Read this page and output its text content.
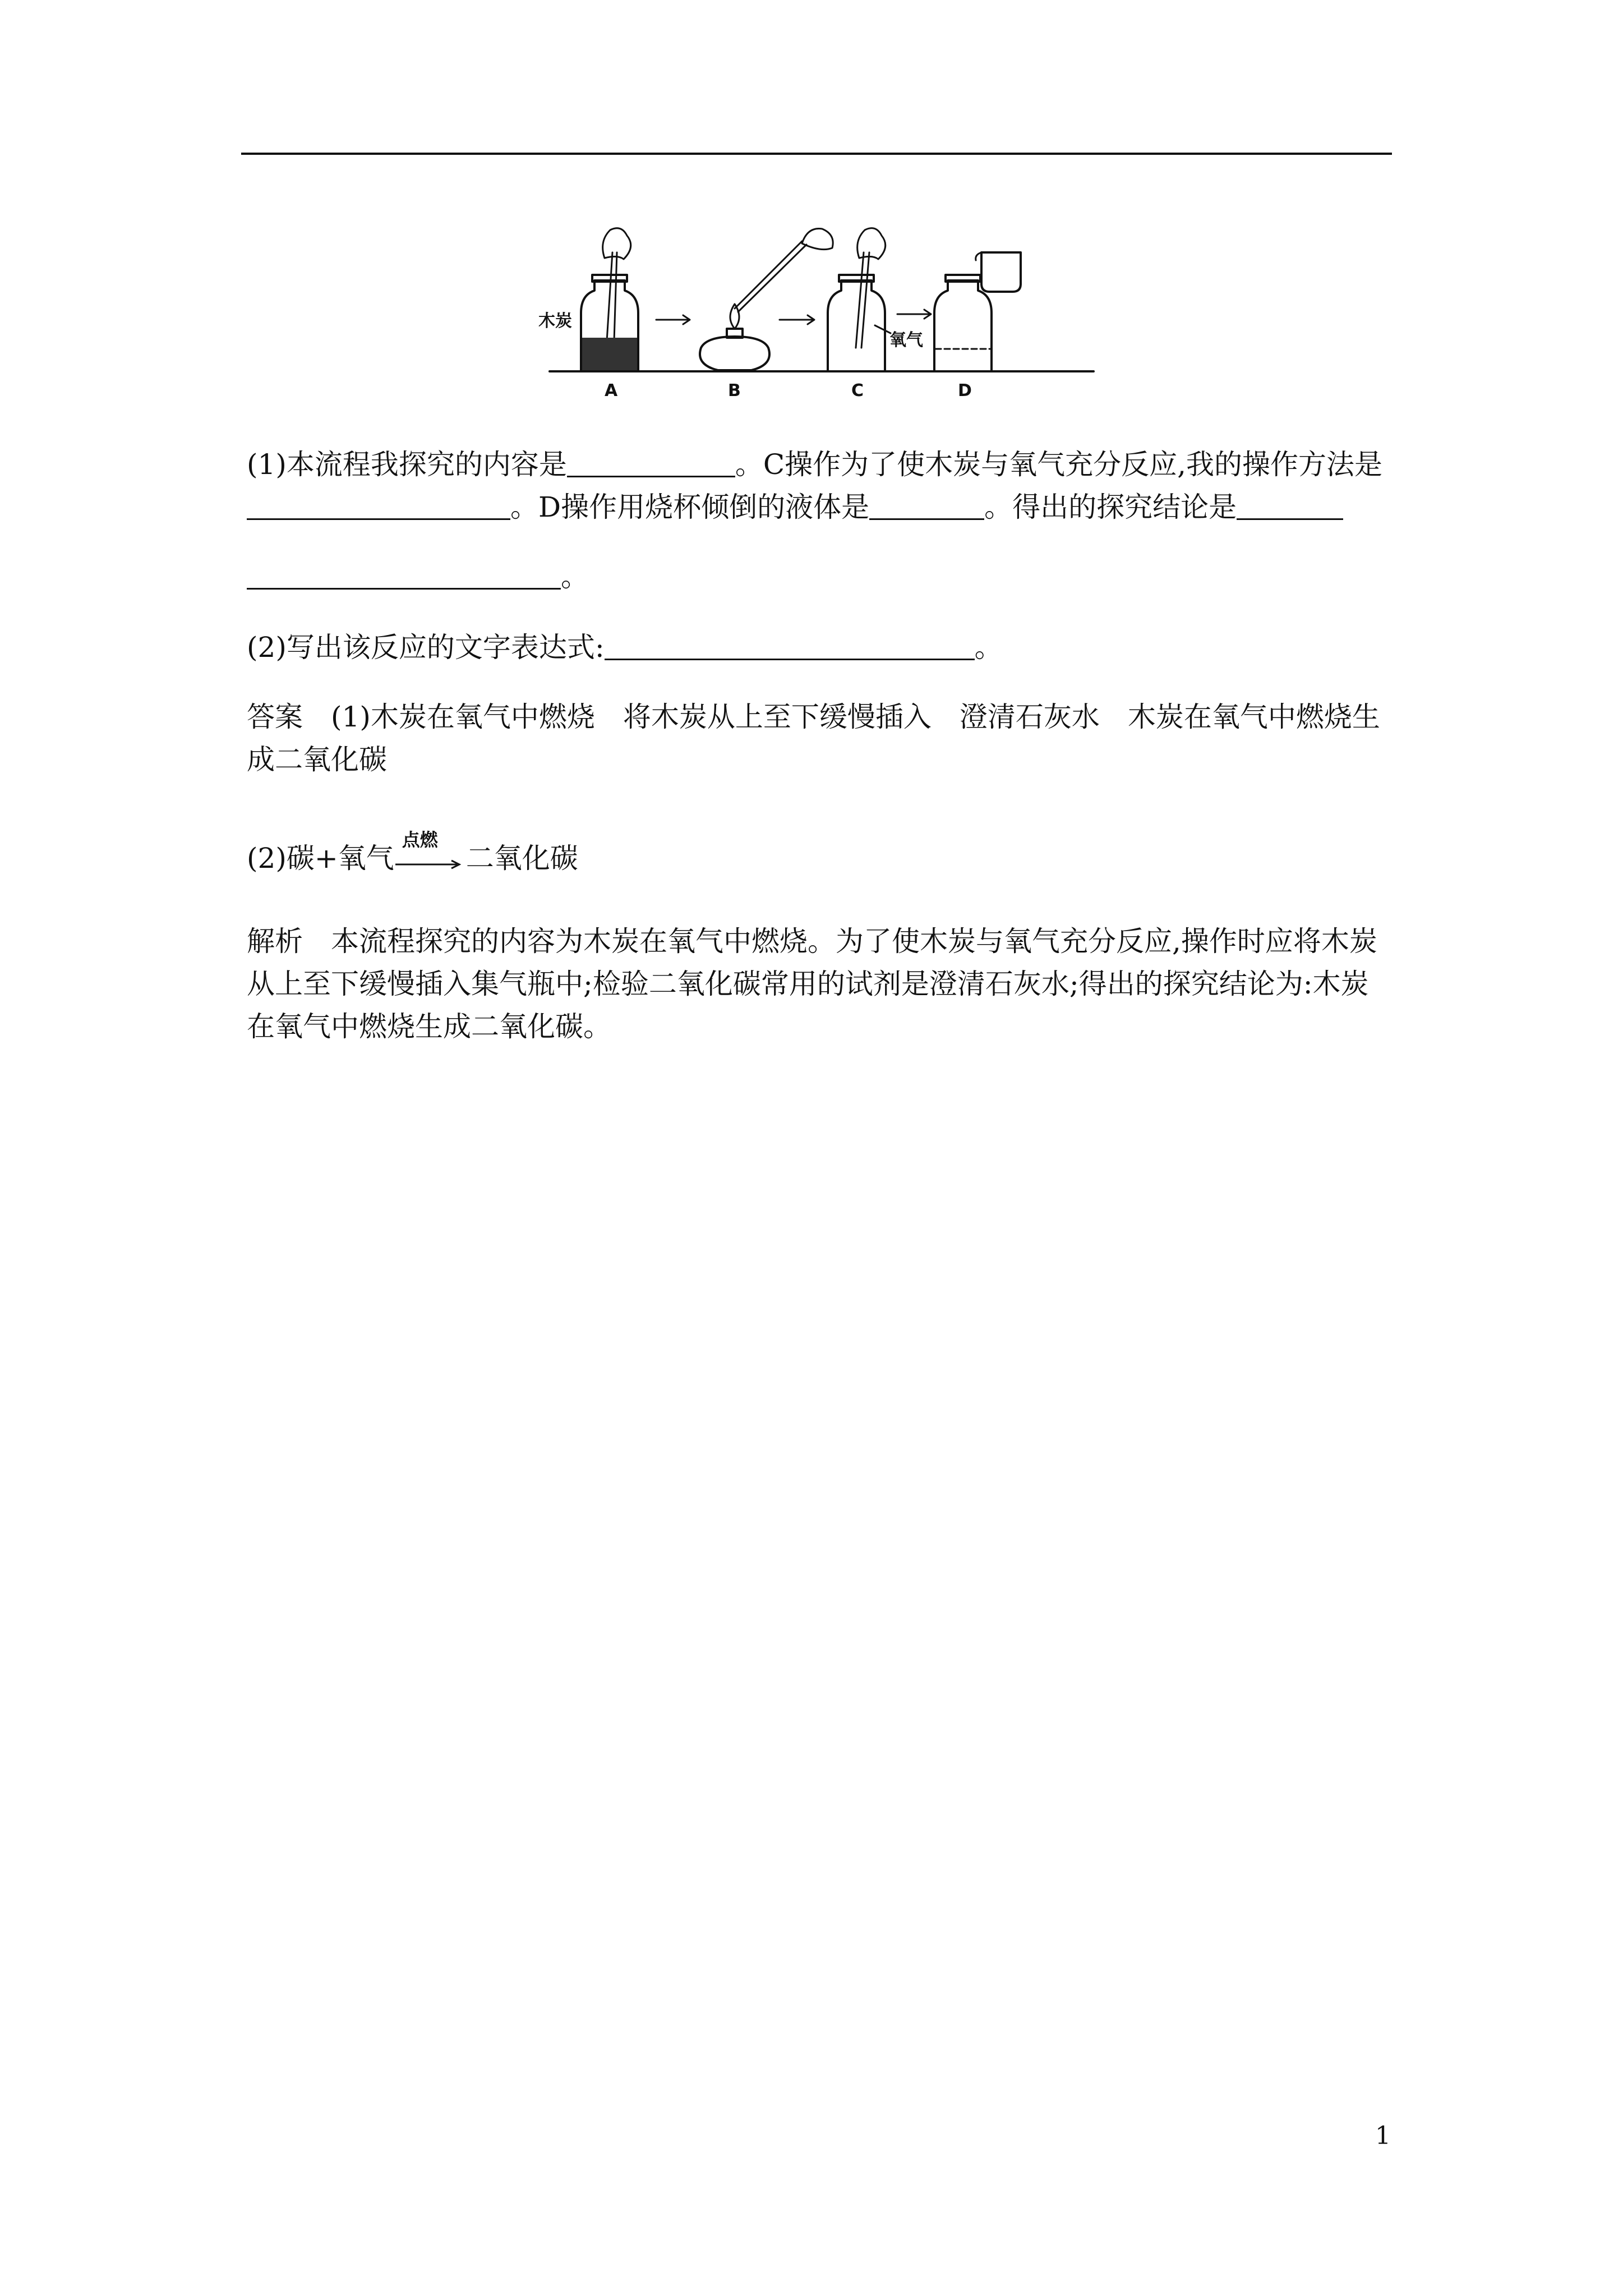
木炭
氧气
A	B	C	D
(1)本流程我探究的内容是	。C操作为了使木炭与氧气充分反应,我的操作方法是。D操作用烧杯倾倒的液体是	。得出的探究结论是
。
(2)写出该反应的文字表达式:	。
答案 (1)木炭在氧气中燃烧 将木炭从上至下缓慢插入 澄清石灰水 木炭在氧气中燃烧生成二氧化碳
(2)碳+氧气
点燃
二氧化碳
解析 本流程探究的内容为木炭在氧气中燃烧。为了使木炭与氧气充分反应,操作时应将木炭从上至下缓慢插入集气瓶中;检验二氧化碳常用的试剂是澄清石灰水;得出的探究结论为:木炭在氧气中燃烧生成二氧化碳。
1
